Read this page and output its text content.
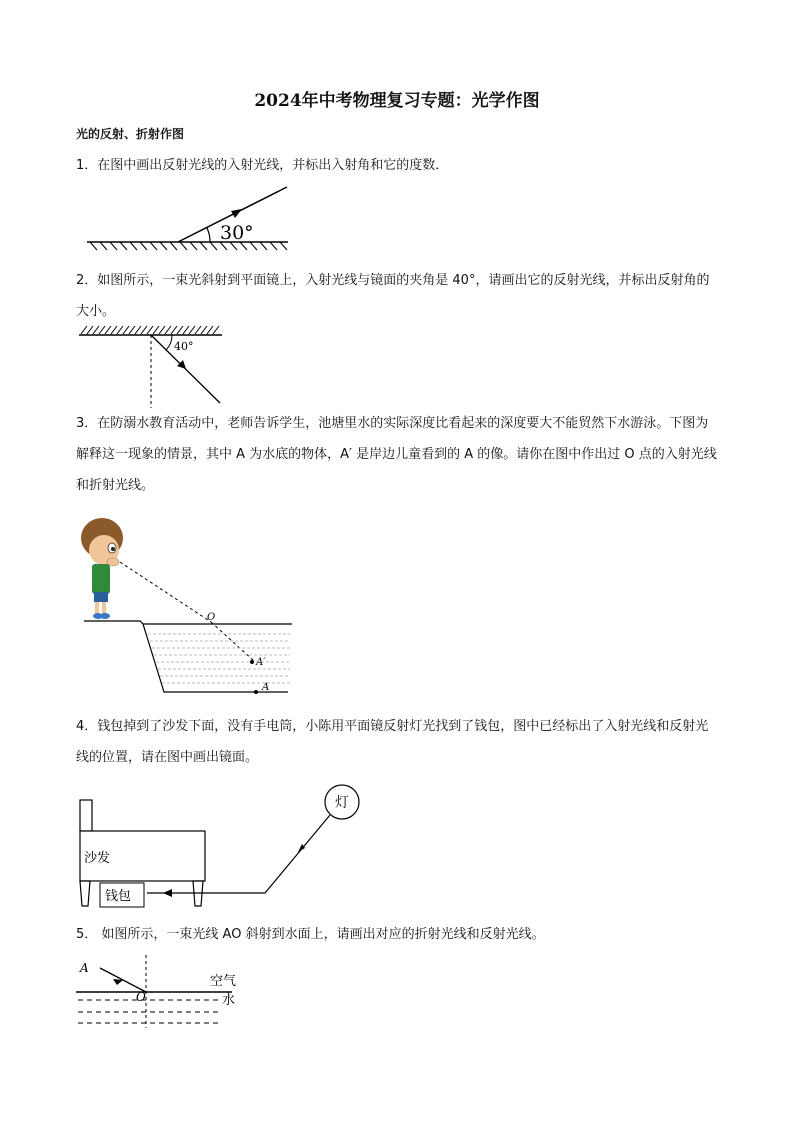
2024年中考物理复习专题：光学作图
光的反射、折射作图
1．在图中画出反射光线的入射光线，并标出入射角和它的度数．
30°
2．如图所示，一束光斜射到平面镜上，入射光线与镜面的夹角是 40°，请画出它的反射光线，并标出反射角的大小。
40°
3．在防溺水教育活动中，老师告诉学生，池塘里水的实际深度比看起来的深度要大不能贸然下水游泳。下图为解释这一现象的情景，其中 A 为水底的物体，A′ 是岸边儿童看到的 A 的像。请你在图中作出过 O 点的入射光线和折射光线。
O
A′
A
4．钱包掉到了沙发下面，没有手电筒，小陈用平面镜反射灯光找到了钱包，图中已经标出了入射光线和反射光线的位置，请在图中画出镜面。
沙发
钱包
灯
5． 如图所示，一束光线 AO 斜射到水面上，请画出对应的折射光线和反射光线。
A
O
空气
水
